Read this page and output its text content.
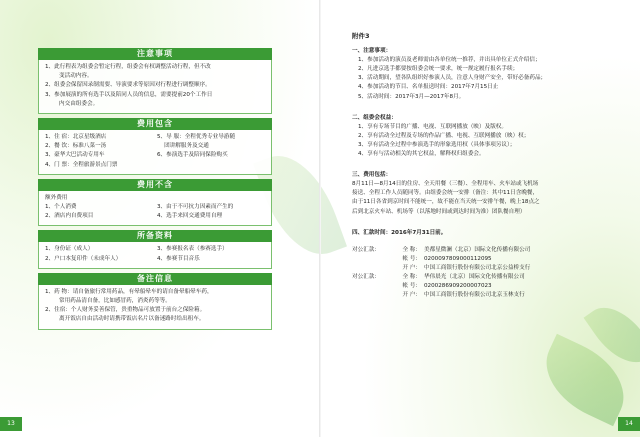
注意事项
1、此行程表为组委会暂定行程，组委会有权调整活动行程，但不改
变活动内容。
2、组委会保留因录制需要、导演要求等原因对行程进行调整顺序。
3、参加展演的所有选手以及陪同人员的信息，需要提前20个工作日
内交由组委会。
费用包含
1、住 宿：北京星级酒店	5、导 服：全程优秀专业导游随
2、餐 饮：标准八菜一汤	团讲解服务及交通
3、豪华大巴活动专用车	6、参演选手及陪同保险购买
4、门 票：全程旅游景点门票
费用不含
额外费用
1、个人消费	3、由于不可抗力因素而产生的
2、酒店内自费项目	4、选手来回交通费用自理
所备资料
1、身份证（成人）	3、参赛报名表（参赛选手）
2、户口本复印件（未成年人）	4、参赛节目音乐
备注信息
1、药 物：请自备旅行常用药品，有晕船晕车的请自备晕船晕车药，
常用药品清自备，比如感冒药，消炎药等等。
2、住宿：个人财务妥善保管，贵重物品可放置于前台之保险箱。
离开饭店自由活动时请携带饭店名片以备迷路时给出租车。
附件3
一、注意事项：
1、参加活动的演员及老师需由各单位统一推荐，并出具单位正式介绍信；
2、凡进京选手都要按组委会统一要求，统一规定履行报名手续；
3、活动期间，望各队组织好参演人员，注意人身财产安全，带好必备药品；
4、参加活动的节目、名单报送时间：2017年7月15日止
5、活动时间：2017年3月—2017年8月。
二、组委会权益：
1、享有专场节目的广播、电视、互联网播放（映）及版权。
2、享有活动全过程及专场的作品广播、电视、互联网播放（映）权；
3、享有活动全过程中参演选手的形象选用权（具体事项另议）；
4、享有与活动相关的其它权益，解释权归组委会。
三、费用包括：
8月11日—8月14日的住房、全天用餐（三餐）、全程用车、火车站或飞机场
接送、全程工作人员随同等。由组委会统一安排（备注：其中11日含晚餐，
由于11日各省到京时间不能统一，故不能在当天统一安排午餐，晚上18点之
后到北京火车站、机场等（以落地时间或到达时间为准）团队餐自理）
四、汇款时间：2016年7月31日前。
对公汇款：	全 称： 美都星微澜（北京）国际文化传播有限公司
帐 号： 0200097809000112095
开 户： 中国工商银行股份有限公司北京公益桥支行
对公汇款：	全 称： 华伟晨光（北京）国际文化传播有限公司
帐 号： 0200286909200007023
开 户： 中国工商银行股份有限公司北京玉林支行
13	14
